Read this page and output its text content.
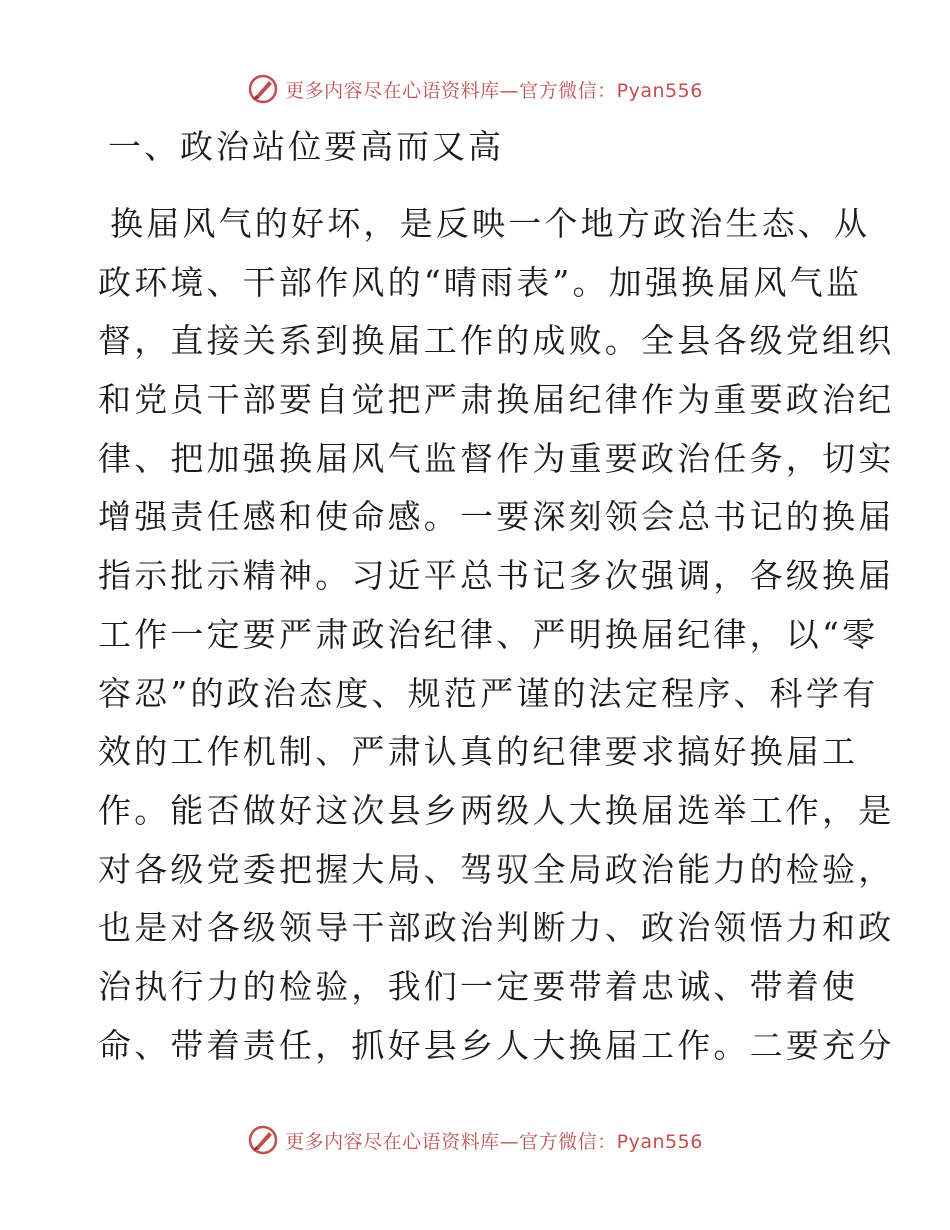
更多内容尽在心语资料库—官方微信：Pyan556
一、政治站位要高而又高
换届风气的好坏，是反映一个地方政治生态、从
政环境、干部作风的“晴雨表”。加强换届风气监
督，直接关系到换届工作的成败。全县各级党组织
和党员干部要自觉把严肃换届纪律作为重要政治纪
律、把加强换届风气监督作为重要政治任务，切实
增强责任感和使命感。一要深刻领会总书记的换届
指示批示精神。习近平总书记多次强调，各级换届
工作一定要严肃政治纪律、严明换届纪律，以“零
容忍”的政治态度、规范严谨的法定程序、科学有
效的工作机制、严肃认真的纪律要求搞好换届工
作。能否做好这次县乡两级人大换届选举工作，是
对各级党委把握大局、驾驭全局政治能力的检验，
也是对各级领导干部政治判断力、政治领悟力和政
治执行力的检验，我们一定要带着忠诚、带着使
命、带着责任，抓好县乡人大换届工作。二要充分
更多内容尽在心语资料库—官方微信：Pyan556
